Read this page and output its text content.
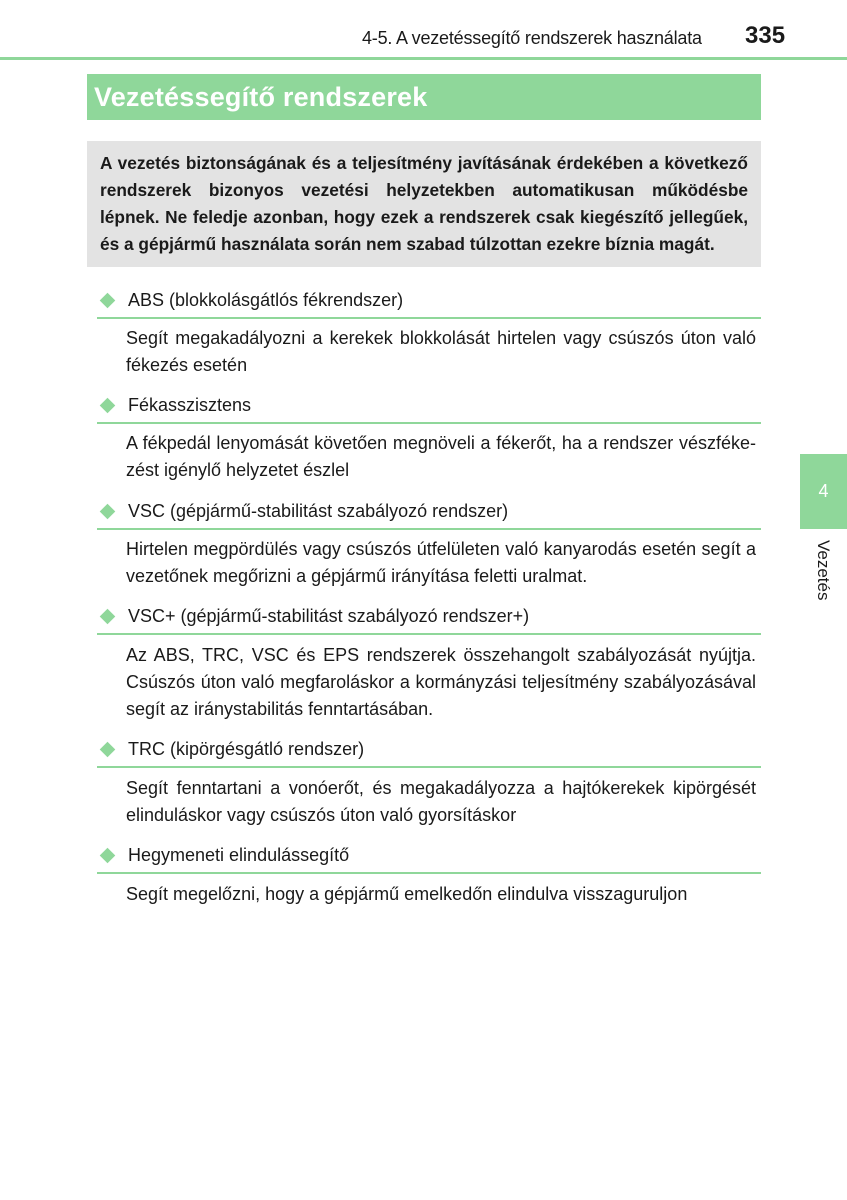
4-5. A vezetéssegítő rendszerek használata 335
Vezetéssegítő rendszerek
A vezetés biztonságának és a teljesítmény javításának érdekében a következő rendszerek bizonyos vezetési helyzetekben automatikusan működésbe lépnek. Ne feledje azonban, hogy ezek a rendszerek csak kiegészítő jellegűek, és a gépjármű használata során nem szabad túlzottan ezekre bíznia magát.
ABS (blokkolásgátlós fékrendszer)
Segít megakadályozni a kerekek blokkolását hirtelen vagy csúszós úton való fékezés esetén
Fékasszisztens
A fékpedál lenyomását követően megnöveli a fékerőt, ha a rendszer vészfékezést igénylő helyzetet észlel
VSC (gépjármű-stabilitást szabályozó rendszer)
Hirtelen megpördülés vagy csúszós útfelületen való kanyarodás esetén segít a vezetőnek megőrizni a gépjármű irányítása feletti uralmat.
VSC+ (gépjármű-stabilitást szabályozó rendszer+)
Az ABS, TRC, VSC és EPS rendszerek összehangolt szabályozását nyújtja. Csúszós úton való megfaroláskor a kormányzási teljesítmény szabályozásával segít az iránystabilitás fenntartásában.
TRC (kipörgésgátló rendszer)
Segít fenntartani a vonóerőt, és megakadályozza a hajtókerekek kipörgését elinduláskor vagy csúszós úton való gyorsításkor
Hegymeneti elindulássegítő
Segít megelőzni, hogy a gépjármű emelkedőn elindulva visszaguruljon
4
Vezetés
